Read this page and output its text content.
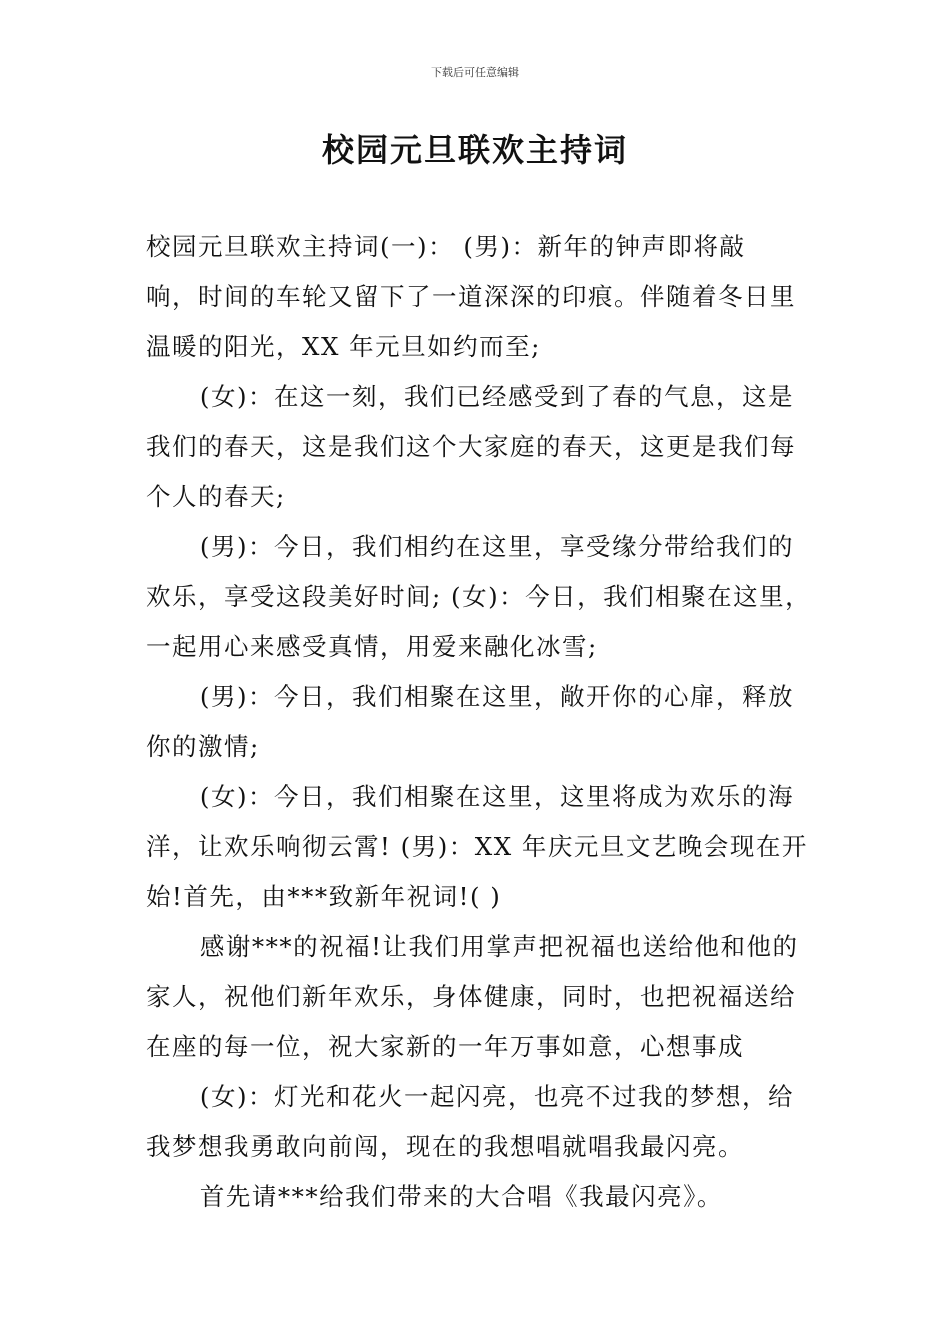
下载后可任意编辑
校园元旦联欢主持词

校园元旦联欢主持词(一)： (男)：新年的钟声即将敲
响，时间的车轮又留下了一道深深的印痕。伴随着冬日里
温暖的阳光，XX 年元旦如约而至;

(女)：在这一刻，我们已经感受到了春的气息，这是
我们的春天，这是我们这个大家庭的春天，这更是我们每
个人的春天;

(男)：今日，我们相约在这里，享受缘分带给我们的
欢乐，享受这段美好时间; (女)：今日，我们相聚在这里，
一起用心来感受真情，用爱来融化冰雪;

(男)：今日，我们相聚在这里，敞开你的心扉，释放
你的激情;

(女)：今日，我们相聚在这里，这里将成为欢乐的海
洋，让欢乐响彻云霄! (男)：XX 年庆元旦文艺晚会现在开
始!首先，由***致新年祝词!( )

感谢***的祝福!让我们用掌声把祝福也送给他和他的
家人，祝他们新年欢乐，身体健康，同时，也把祝福送给
在座的每一位，祝大家新的一年万事如意，心想事成

(女)：灯光和花火一起闪亮，也亮不过我的梦想，给
我梦想我勇敢向前闯，现在的我想唱就唱我最闪亮。

首先请***给我们带来的大合唱《我最闪亮》。
